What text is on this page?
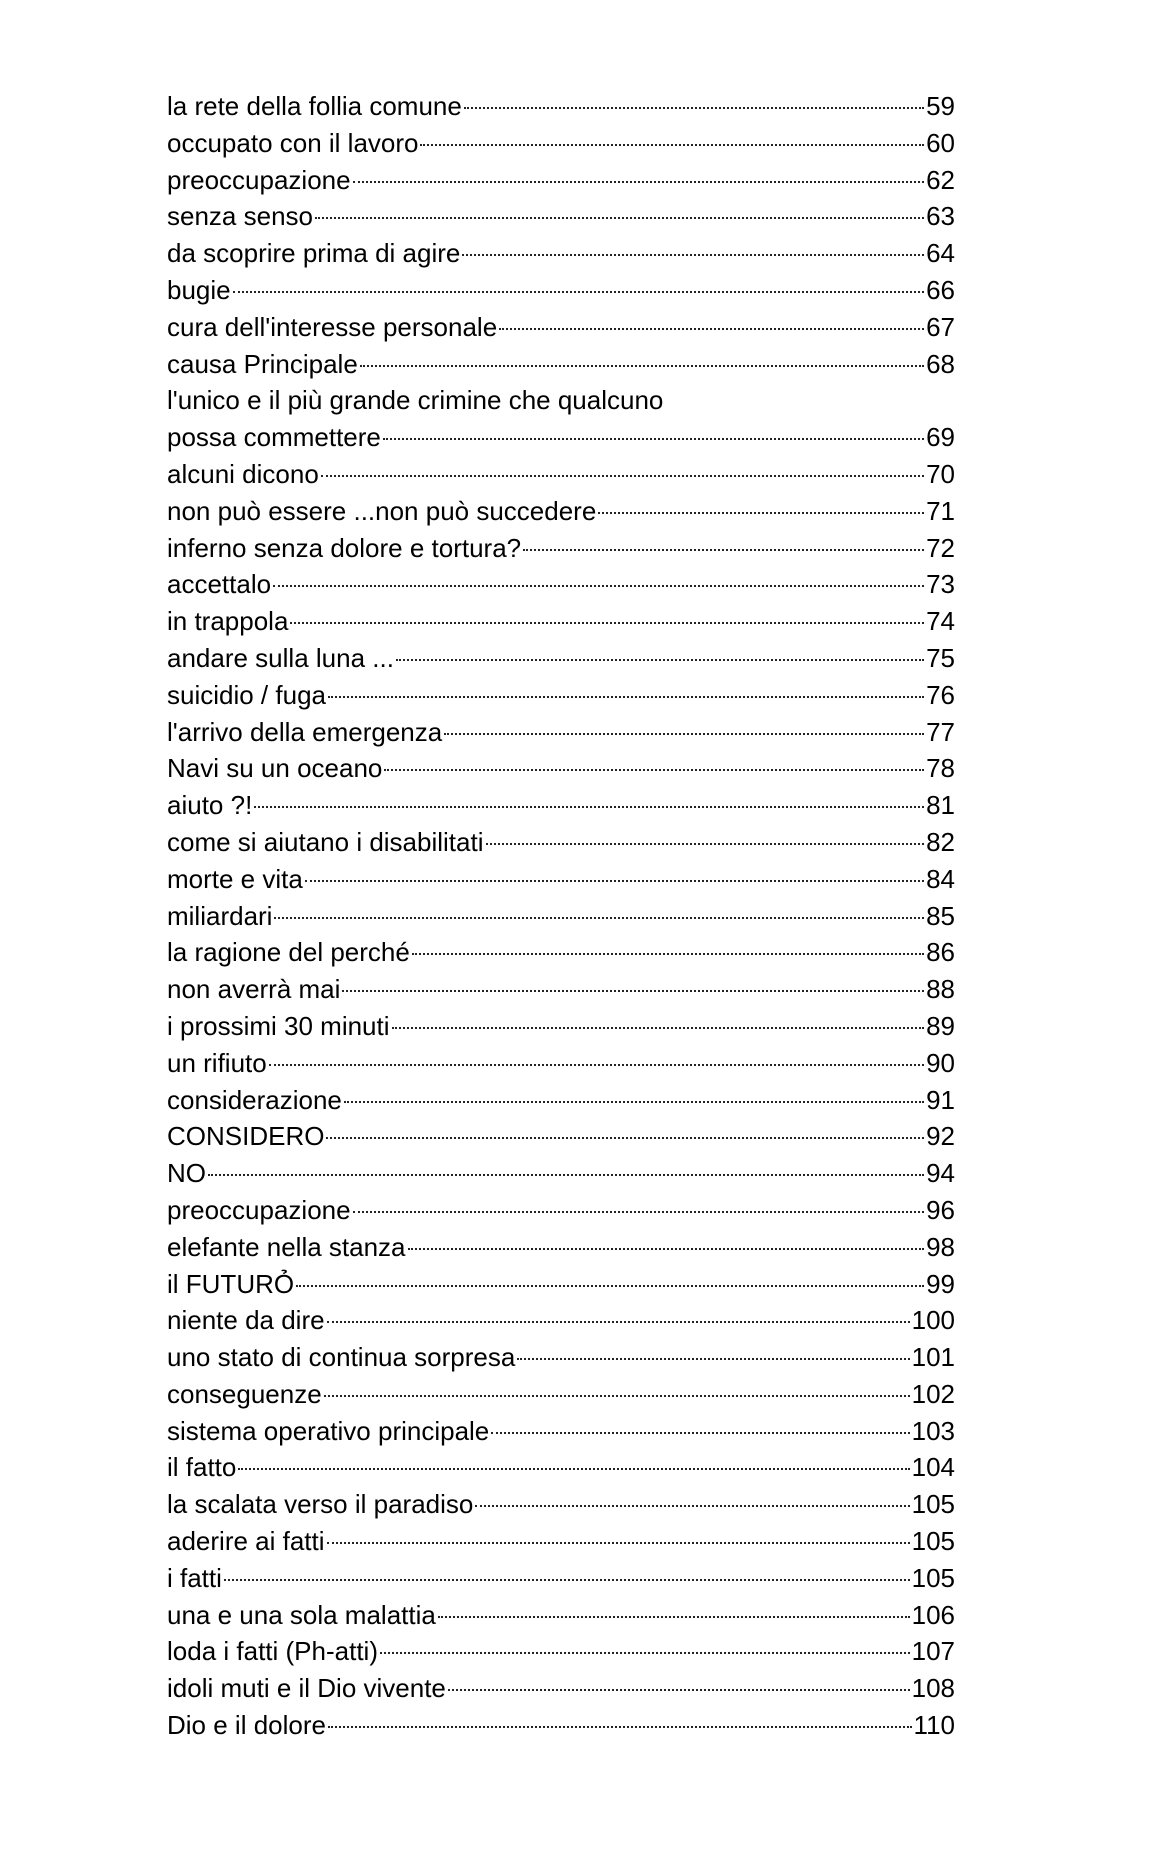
la rete della follia comune	59
occupato con il lavoro	60
preoccupazione	62
senza senso	63
da scoprire prima di agire	64
bugie	66
cura dell'interesse personale	67
causa Principale	68
l'unico e il più grande crimine che qualcuno
possa commettere	69
alcuni dicono	70
non può essere ...non può succedere	71
inferno senza dolore e tortura?	72
accettalo	73
in trappola	74
andare sulla luna ...	75
suicidio / fuga	76
l'arrivo della emergenza	77
Navi su un oceano	78
aiuto ?!	81
come si aiutano i disabilitati	82
morte e vita	84
miliardari	85
la ragione del perché	86
non averrà mai	88
i prossimi 30 minuti	89
un rifiuto	90
considerazione	91
CONSIDERO	92
NO	94
preoccupazione	96
elefante nella stanza	98
il FUTURỎ	99
niente da dire	100
uno stato di continua sorpresa	101
conseguenze	102
sistema operativo principale	103
il fatto	104
la scalata verso il paradiso	105
aderire ai fatti	105
i fatti	105
una e una sola malattia	106
loda i fatti (Ph-atti)	107
idoli muti e il Dio vivente	108
Dio e il dolore	110
